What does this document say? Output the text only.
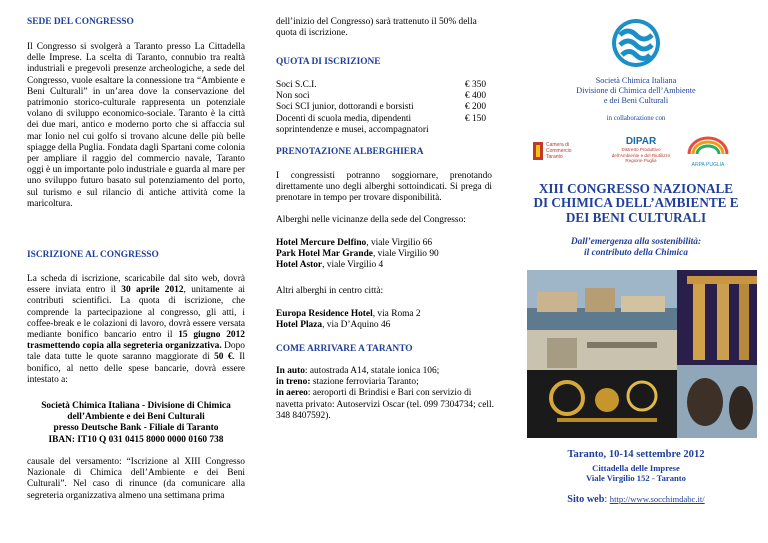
SEDE DEL CONGRESSO

Il Congresso si svolgerà a Taranto presso La Cittadella delle Imprese. La scelta di Taranto, connubio tra realtà industriali e pregevoli presenze archeologiche, a sede del Congresso, vuole esaltare la connessione tra “Ambiente e Beni Culturali” in un’area dove la conservazione del patrimonio storico-culturale rappresenta un potenziale volano di sviluppo economico-sociale. Taranto è la città dei due mari, antico e moderno porto che si affaccia sul mar Ionio nel cui golfo si trovano alcune delle più belle spiagge della Puglia. Fondata dagli Spartani come colonia per ampliare il raggio del commercio navale, Taranto oggi è un importante polo industriale e guarda al mare per uno sviluppo futuro basato sul potenziamento del porto, sul turismo e sul rilancio di antiche attività come la maricoltura.

ISCRIZIONE AL CONGRESSO

La scheda di iscrizione, scaricabile dal sito web, dovrà essere inviata entro il 30 aprile 2012, unitamente ai contributi scientifici. La quota di iscrizione, che comprende la partecipazione al congresso, gli atti, i coffee-break e le colazioni di lavoro, dovrà essere versata mediante bonifico bancario entro il 15 giugno 2012 trasmettendo copia alla segreteria organizzativa. Dopo tale data tutte le quote saranno maggiorate di 50 €. Il bonifico, al netto delle spese bancarie, dovrà essere intestato a:

Società Chimica Italiana - Divisione di Chimica
dell’Ambiente e dei Beni Culturali
presso Deutsche Bank - Filiale di Taranto
IBAN: IT10 Q 031 0415 8000 0000 0160 738

causale del versamento: “Iscrizione al XIII Congresso Nazionale di Chimica dell’Ambiente e dei Beni Culturali”. Nel caso di rinunce (da comunicare alla segreteria organizzativa almeno una settimana prima

dell’inizio del Congresso) sarà trattenuto il 50% della quota di iscrizione.

QUOTA DI ISCRIZIONE
Soci S.C.I.	€ 350
Non soci	€ 400
Soci SCI junior, dottorandi e borsisti	€ 200
Docenti di scuola media, dipendenti	€ 150
soprintendenze e musei, accompagnatori
PRENOTAZIONE ALBERGHIERA

I congressisti potranno soggiornare, prenotando direttamente uno degli alberghi sottoindicati. Si prega di prenotare in tempo per trovare disponibilità.

Alberghi nelle vicinanze della sede del Congresso:

Hotel Mercure Delfino, viale Virgilio 66
Park Hotel Mar Grande, viale Virgilio 90
Hotel Astor, viale Virgilio 4

Altri alberghi in centro città:

Europa Residence Hotel, via Roma 2
Hotel Plaza, via D’Aquino 46
COME ARRIVARE A TARANTO

In auto: autostrada A14, statale ionica 106;
in treno: stazione ferroviaria Taranto;
in aereo: aeroporti di Brindisi e Bari con servizio di navetta privato: Autoservizi Oscar (tel. 099 7304734; cell. 348 8407592).

Società Chimica Italiana
Divisione di Chimica dell’Ambiente
e dei Beni Culturali
in collaborazione con
Camera di Commercio
Taranto
DIPAR
Distretto Produttivo
dell’Ambiente e del Riutilizzo
Regione Puglia
ARPA PUGLIA
XIII CONGRESSO NAZIONALE
DI CHIMICA DELL’AMBIENTE E
DEI BENI CULTURALI
Dall’emergenza alla sostenibilità:
il contributo della Chimica
Taranto, 10-14 settembre 2012
Cittadella delle Imprese
Viale Virgilio 152 - Taranto
Sito web: http://www.socchimdabc.it/
